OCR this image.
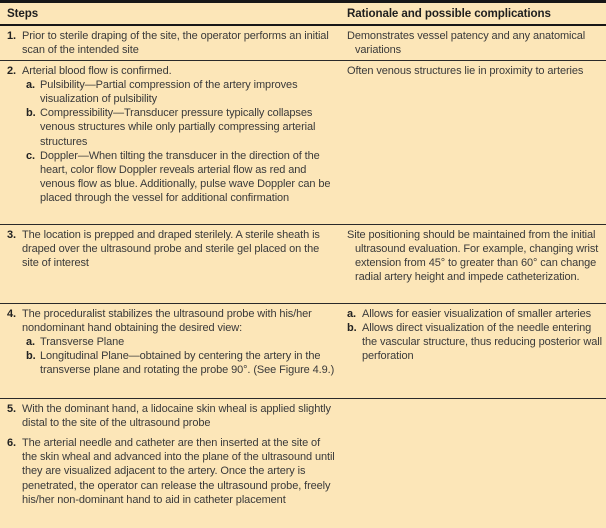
Steps	Rationale and possible complications
1. Prior to sterile draping of the site, the operator performs an initial scan of the intended site
Demonstrates vessel patency and any anatomical variations
2. Arterial blood flow is confirmed.
a. Pulsibility—Partial compression of the artery improves visualization of pulsibility
b. Compressibility—Transducer pressure typically collapses venous structures while only partially compressing arterial structures
c. Doppler—When tilting the transducer in the direction of the heart, color flow Doppler reveals arterial flow as red and venous flow as blue. Additionally, pulse wave Doppler can be placed through the vessel for additional confirmation
Often venous structures lie in proximity to arteries
3. The location is prepped and draped sterilely. A sterile sheath is draped over the ultrasound probe and sterile gel placed on the site of interest
Site positioning should be maintained from the initial ultrasound evaluation. For example, changing wrist extension from 45° to greater than 60° can change radial artery height and impede catheterization.
4. The proceduralist stabilizes the ultrasound probe with his/her nondominant hand obtaining the desired view:
a. Transverse Plane
b. Longitudinal Plane—obtained by centering the artery in the transverse plane and rotating the probe 90°. (See Figure 4.9.)
a. Allows for easier visualization of smaller arteries
b. Allows direct visualization of the needle entering the vascular structure, thus reducing posterior wall perforation
5. With the dominant hand, a lidocaine skin wheal is applied slightly distal to the site of the ultrasound probe
6. The arterial needle and catheter are then inserted at the site of the skin wheal and advanced into the plane of the ultrasound until they are visualized adjacent to the artery. Once the artery is penetrated, the operator can release the ultrasound probe, freely his/her non-dominant hand to aid in catheter placement
